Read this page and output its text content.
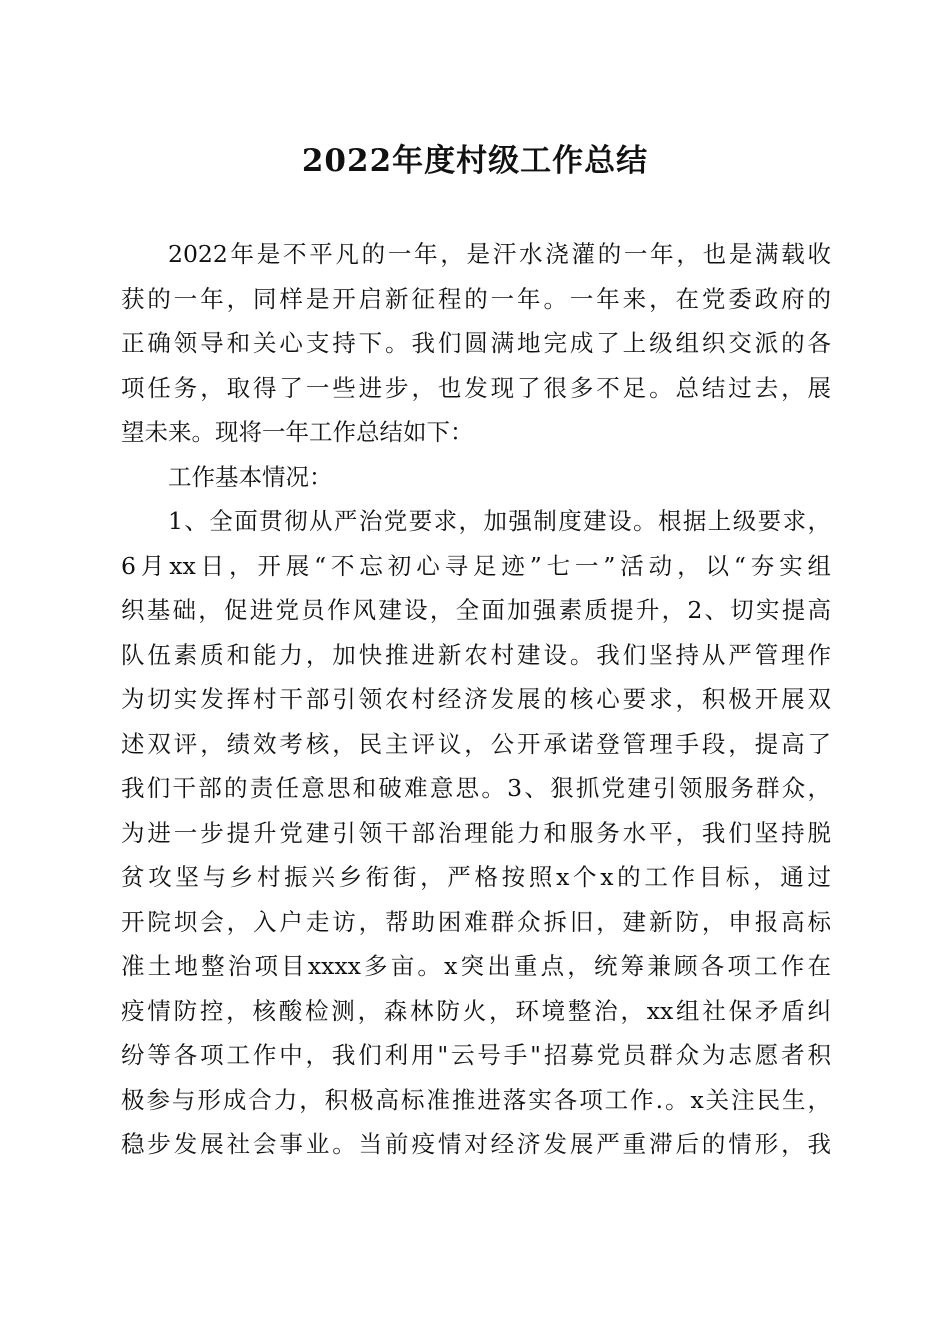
2022年度村级工作总结
2022年是不平凡的一年，是汗水浇灌的一年，也是满载收
获的一年，同样是开启新征程的一年。一年来，在党委政府的
正确领导和关心支持下。我们圆满地完成了上级组织交派的各
项任务，取得了一些进步，也发现了很多不足。总结过去，展
望未来。现将一年工作总结如下：
工作基本情况：
1、全面贯彻从严治党要求，加强制度建设。根据上级要求，
6月xx日，开展“不忘初心寻足迹”七一”活动，以“夯实组
织基础，促进党员作风建设，全面加强素质提升，2、切实提高
队伍素质和能力，加快推进新农村建设。我们坚持从严管理作
为切实发挥村干部引领农村经济发展的核心要求，积极开展双
述双评，绩效考核，民主评议，公开承诺登管理手段，提高了
我们干部的责任意思和破难意思。3、狠抓党建引领服务群众，
为进一步提升党建引领干部治理能力和服务水平，我们坚持脱
贫攻坚与乡村振兴乡衔街，严格按照x个x的工作目标，通过
开院坝会，入户走访，帮助困难群众拆旧，建新防，申报高标
准土地整治项目xxxx多亩。x突出重点，统筹兼顾各项工作在
疫情防控，核酸检测，森林防火，环境整治，xx组社保矛盾纠
纷等各项工作中，我们利用"云号手"招募党员群众为志愿者积
极参与形成合力，积极高标准推进落实各项工作.。x关注民生，
稳步发展社会事业。当前疫情对经济发展严重滞后的情形，我
